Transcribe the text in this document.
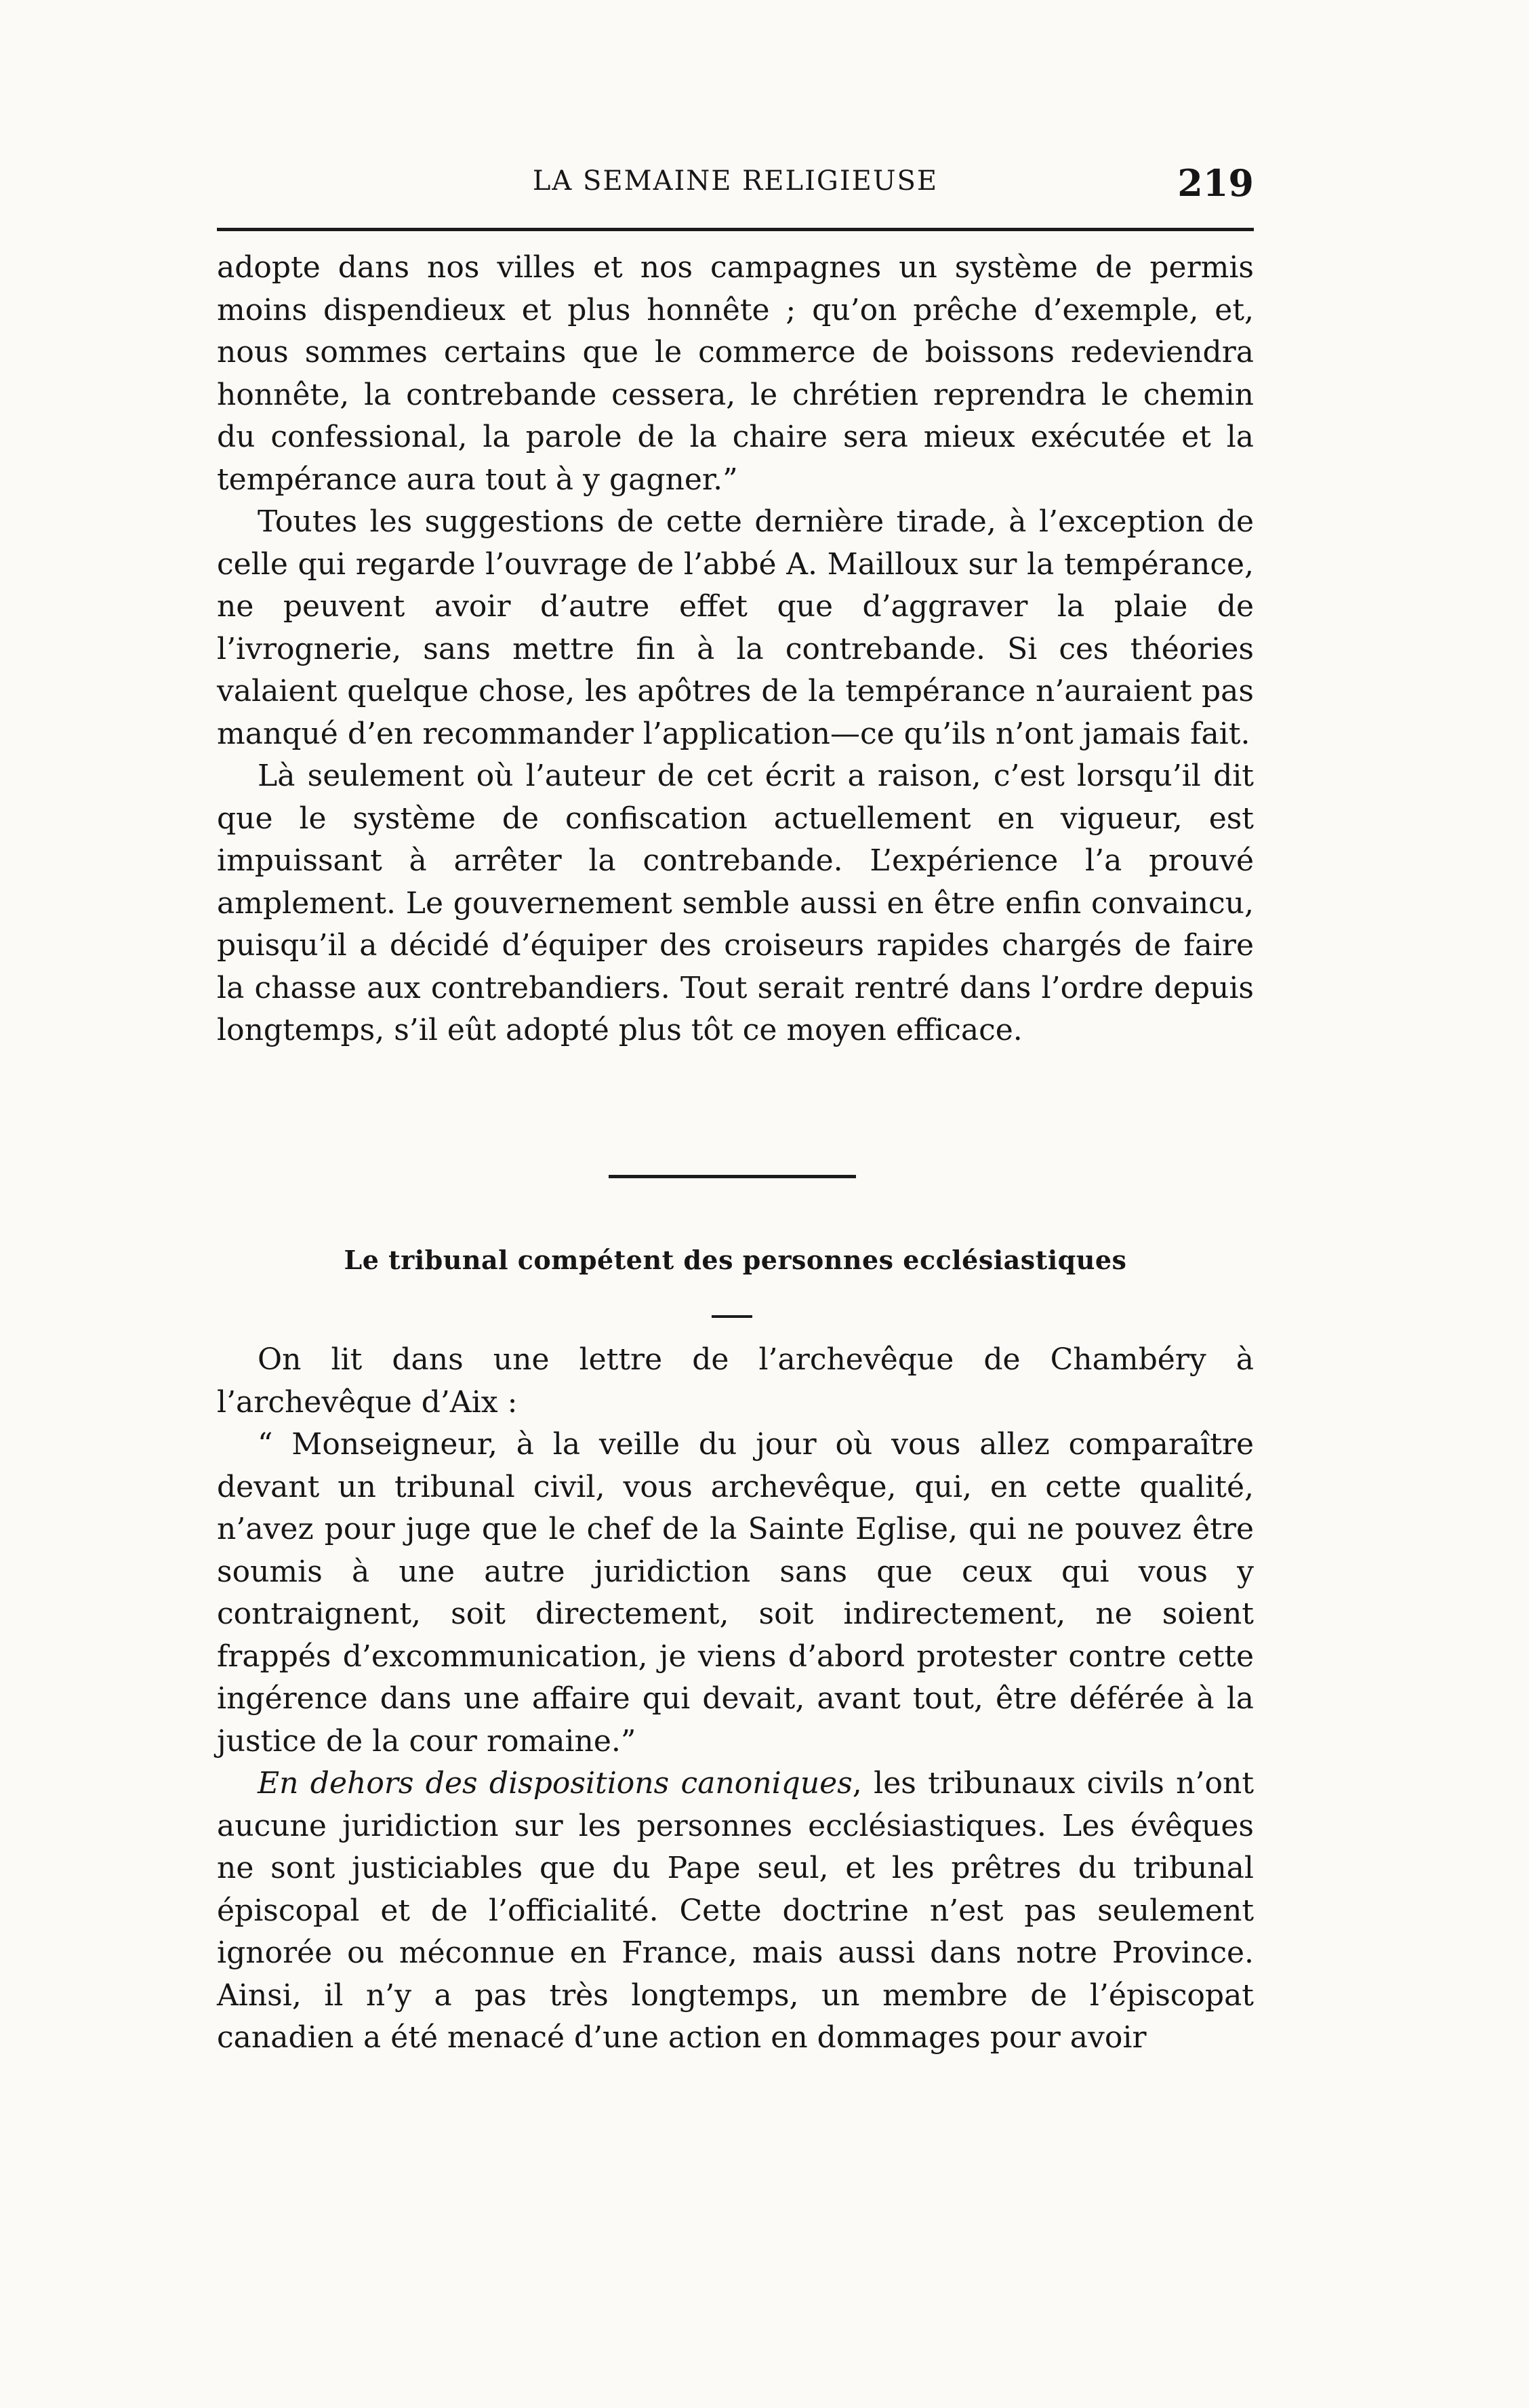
LA SEMAINE RELIGIEUSE	219

adopte dans nos villes et nos campagnes un système de permis moins dispendieux et plus honnête ; qu’on prêche d’exemple, et, nous sommes certains que le commerce de boissons redeviendra honnête, la contrebande cessera, le chrétien reprendra le chemin du confessional, la parole de la chaire sera mieux exécutée et la tempérance aura tout à y gagner.”

Toutes les suggestions de cette dernière tirade, à l’exception de celle qui regarde l’ouvrage de l’abbé A. Mailloux sur la tempérance, ne peuvent avoir d’autre effet que d’aggraver la plaie de l’ivrognerie, sans mettre fin à la contrebande. Si ces théories valaient quelque chose, les apôtres de la tempérance n’auraient pas manqué d’en recommander l’application—ce qu’ils n’ont jamais fait.

Là seulement où l’auteur de cet écrit a raison, c’est lorsqu’il dit que le système de confiscation actuellement en vigueur, est impuissant à arrêter la contrebande. L’expérience l’a prouvé amplement. Le gouvernement semble aussi en être enfin convaincu, puisqu’il a décidé d’équiper des croiseurs rapides chargés de faire la chasse aux contrebandiers. Tout serait rentré dans l’ordre depuis longtemps, s’il eût adopté plus tôt ce moyen efficace.

Le tribunal compétent des personnes ecclésiastiques

On lit dans une lettre de l’archevêque de Chambéry à l’archevêque d’Aix :

“ Monseigneur, à la veille du jour où vous allez comparaître devant un tribunal civil, vous archevêque, qui, en cette qualité, n’avez pour juge que le chef de la Sainte Eglise, qui ne pouvez être soumis à une autre juridiction sans que ceux qui vous y contraignent, soit directement, soit indirectement, ne soient frappés d’excommunication, je viens d’abord protester contre cette ingérence dans une affaire qui devait, avant tout, être déférée à la justice de la cour romaine.”

En dehors des dispositions canoniques, les tribunaux civils n’ont aucune juridiction sur les personnes ecclésiastiques. Les évêques ne sont justiciables que du Pape seul, et les prêtres du tribunal épiscopal et de l’officialité. Cette doctrine n’est pas seulement ignorée ou méconnue en France, mais aussi dans notre Province. Ainsi, il n’y a pas très longtemps, un membre de l’épiscopat canadien a été menacé d’une action en dommages pour avoir
